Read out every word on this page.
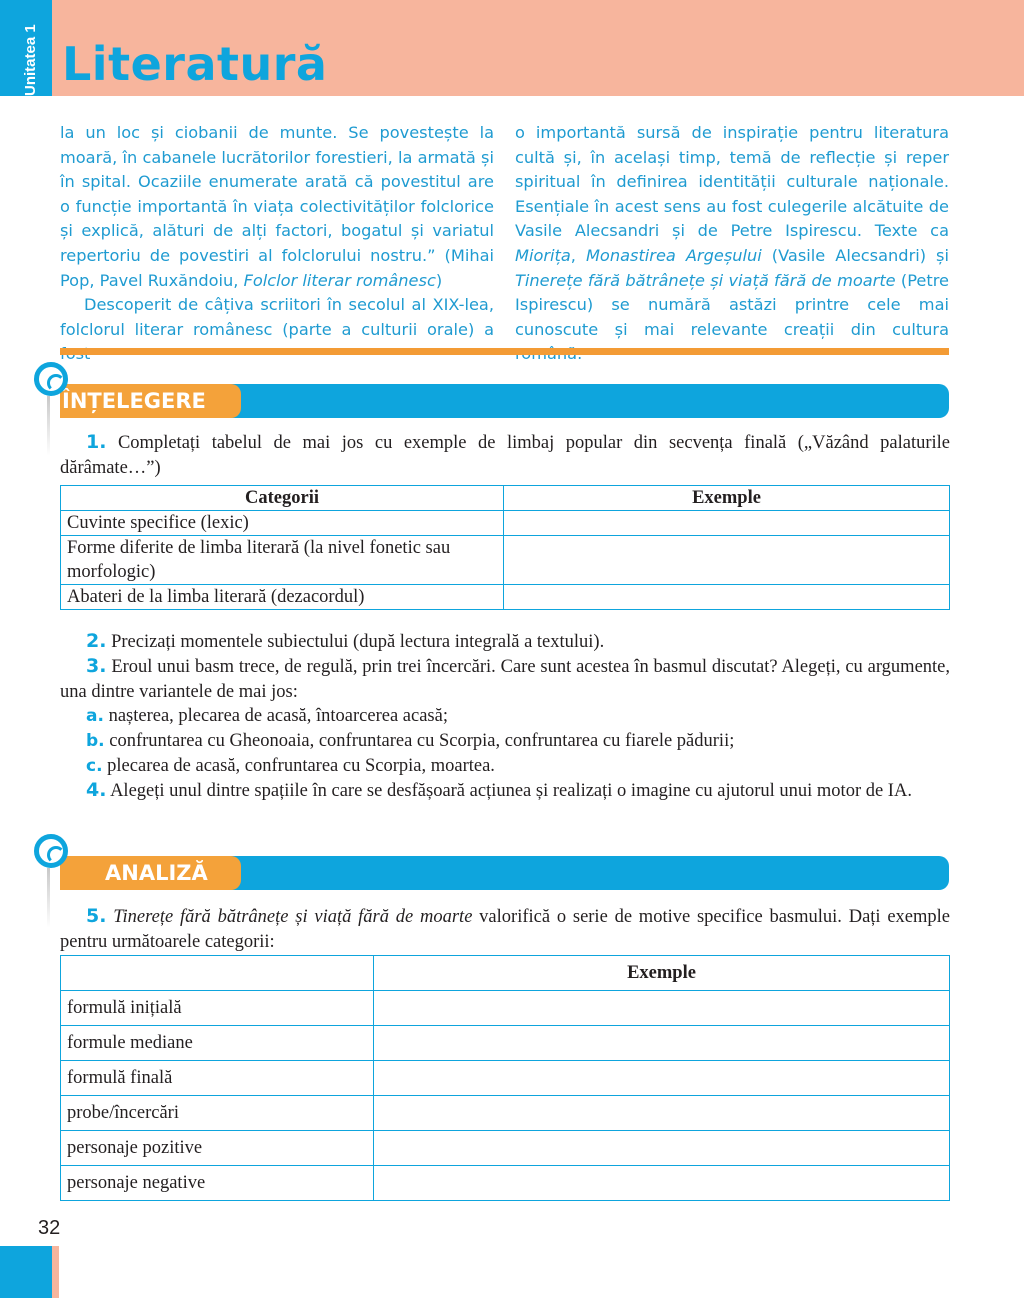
Unitatea 1 Literatură

la un loc și ciobanii de munte. Se povestește la moară, în cabanele lucrătorilor forestieri, la armată și în spital. Ocaziile enumerate arată că povestitul are o funcție importantă în viața colectivităților folclorice și explică, alături de alți factori, bogatul și variatul repertoriu de povestiri al folclorului nostru.” (Mihai Pop, Pavel Ruxăndoiu, Folclor literar românesc)

Descoperit de câțiva scriitori în secolul al XIX-lea, folclorul literar românesc (parte a culturii orale) a

o importantă sursă de inspirație pentru literatura cultă și, în același timp, temă de reflecție și reper spiritual în definirea identității culturale naționale. Esențiale în acest sens au fost culegerile alcătuite de Vasile Alecsandri și de Petre Ispirescu. Texte ca Miorița, Monastirea Argeșului (Vasile Alecsandri) și Tinerețe fără bătrânețe și viață fără de moarte (Petre Ispirescu) se numără astăzi printre cele mai cunoscute și mai relevante creații din cultura

ÎNȚELEGERE

1. Completați tabelul de mai jos cu exemple de limbaj popular din secvența finală („Văzând palaturile dărâmate…”)

Categorii	Exemple
Cuvinte specifice (lexic)	
Forme diferite de limba literară (la nivel fonetic sau morfologic)	
Abateri de la limba literară (dezacordul)	

2. Precizați momentele subiectului (după lectura integrală a textului).

3. Eroul unui basm trece, de regulă, prin trei încercări. Care sunt acestea în basmul discutat? Alegeți, cu argumente, una dintre variantele de mai jos:

a. nașterea, plecarea de acasă, întoarcerea acasă;

b. confruntarea cu Gheonoaia, confruntarea cu Scorpia, confruntarea cu fiarele pădurii;

c. plecarea de acasă, confruntarea cu Scorpia, moartea.

4. Alegeți unul dintre spațiile în care se desfășoară acțiunea și realizați o imagine cu ajutorul unui motor de IA.

ANALIZĂ

5. Tinerețe fără bătrânețe și viață fără de moarte valorifică o serie de motive specifice basmului. Dați exemple pentru următoarele categorii:

	Exemple
formulă inițială	
formule mediane	
formulă finală	
probe/încercări	
personaje pozitive	
personaje negative	
32
